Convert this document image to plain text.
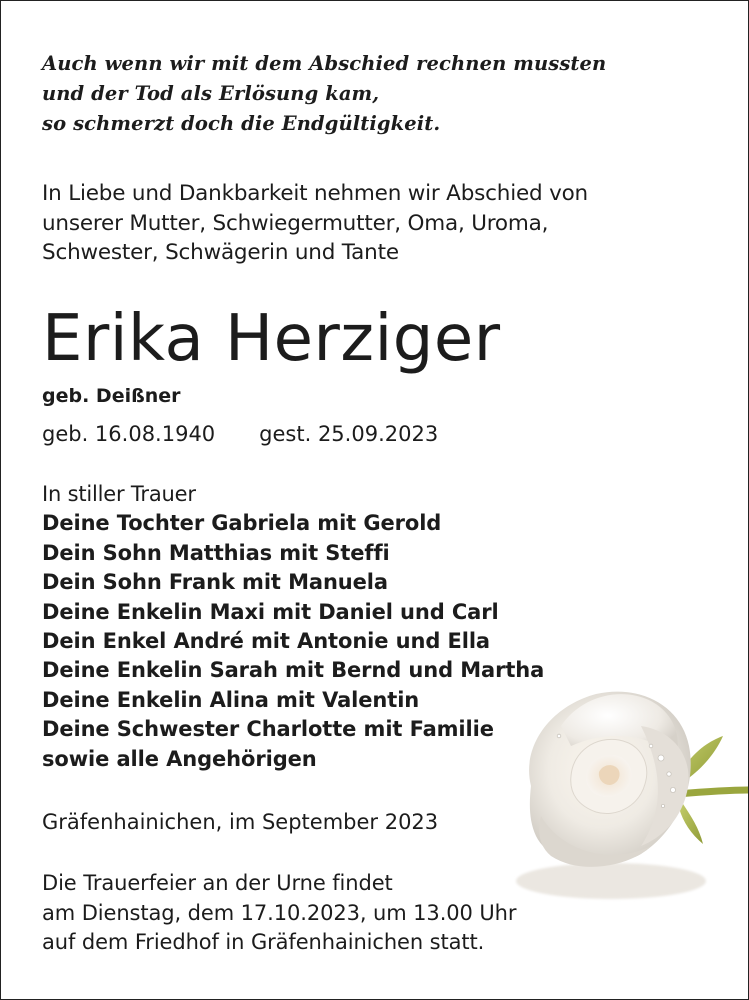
Auch wenn wir mit dem Abschied rechnen mussten
und der Tod als Erlösung kam,
so schmerzt doch die Endgültigkeit.
In Liebe und Dankbarkeit nehmen wir Abschied von
unserer Mutter, Schwiegermutter, Oma, Uroma,
Schwester, Schwägerin und Tante
Erika Herziger
geb. Deißner
geb. 16.08.1940 gest. 25.09.2023
In stiller Trauer
Deine Tochter Gabriela mit Gerold
Dein Sohn Matthias mit Steffi
Dein Sohn Frank mit Manuela
Deine Enkelin Maxi mit Daniel und Carl
Dein Enkel André mit Antonie und Ella
Deine Enkelin Sarah mit Bernd und Martha
Deine Enkelin Alina mit Valentin
Deine Schwester Charlotte mit Familie
sowie alle Angehörigen
Gräfenhainichen, im September 2023
Die Trauerfeier an der Urne findet
am Dienstag, dem 17.10.2023, um 13.00 Uhr
auf dem Friedhof in Gräfenhainichen statt.
